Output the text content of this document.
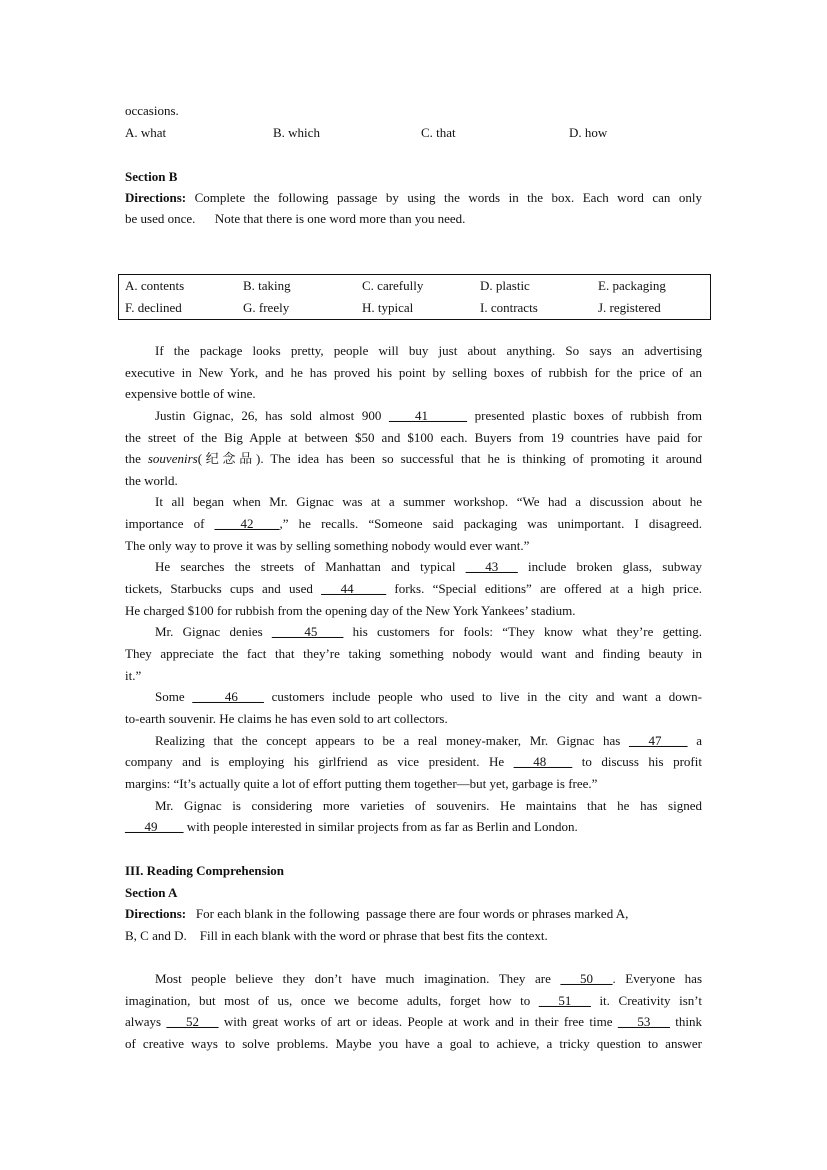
occasions.
A. what	B. which	C. that	D. how
Section B
Directions: Complete the following passage by using the words in the box. Each word can only
be used once.      Note that there is one word more than you need.
A. contents	B. taking	C. carefully	D. plastic	E. packaging
F. declined	G. freely	H. typical	I. contracts	J. registered
If the package looks pretty, people will buy just about anything. So says an advertising
executive in New York, and he has proved his point by selling boxes of rubbish for the price of an
expensive bottle of wine.
Justin Gignac, 26, has sold almost 900 ____41______ presented plastic boxes of rubbish from
the street of the Big Apple at between $50 and $100 each. Buyers from 19 countries have paid for
the souvenirs(纪念品). The idea has been so successful that he is thinking of promoting it around
the world.
It all began when Mr. Gignac was at a summer workshop. “We had a discussion about he
importance of ____42____,” he recalls. “Someone said packaging was unimportant. I disagreed.
The only way to prove it was by selling something nobody would ever want.”
He searches the streets of Manhattan and typical ___43___ include broken glass, subway
tickets, Starbucks cups and used ___44_____ forks. “Special editions” are offered at a high price.
He charged $100 for rubbish from the opening day of the New York Yankees’ stadium.
Mr. Gignac denies _____45____ his customers for fools: “They know what they’re getting.
They appreciate the fact that they’re taking something nobody would want and finding beauty in
it.”
Some _____46____ customers include people who used to live in the city and want a down-
to-earth souvenir. He claims he has even sold to art collectors.
Realizing that the concept appears to be a real money-maker, Mr. Gignac has ___47____ a
company and is employing his girlfriend as vice president. He ___48____ to discuss his profit
margins: “It’s actually quite a lot of effort putting them together—but yet, garbage is free.”
Mr. Gignac is considering more varieties of souvenirs. He maintains that he has signed
___49____ with people interested in similar projects from as far as Berlin and London.
III. Reading Comprehension
Section A
Directions:   For each blank in the following  passage there are four words or phrases marked A,
B, C and D.    Fill in each blank with the word or phrase that best fits the context.
Most people believe they don’t have much imagination. They are ___50___. Everyone has
imagination, but most of us, once we become adults, forget how to ___51___ it. Creativity isn’t
always ___52___ with great works of art or ideas. People at work and in their free time ___53___ think
of creative ways to solve problems. Maybe you have a goal to achieve, a tricky question to answer
